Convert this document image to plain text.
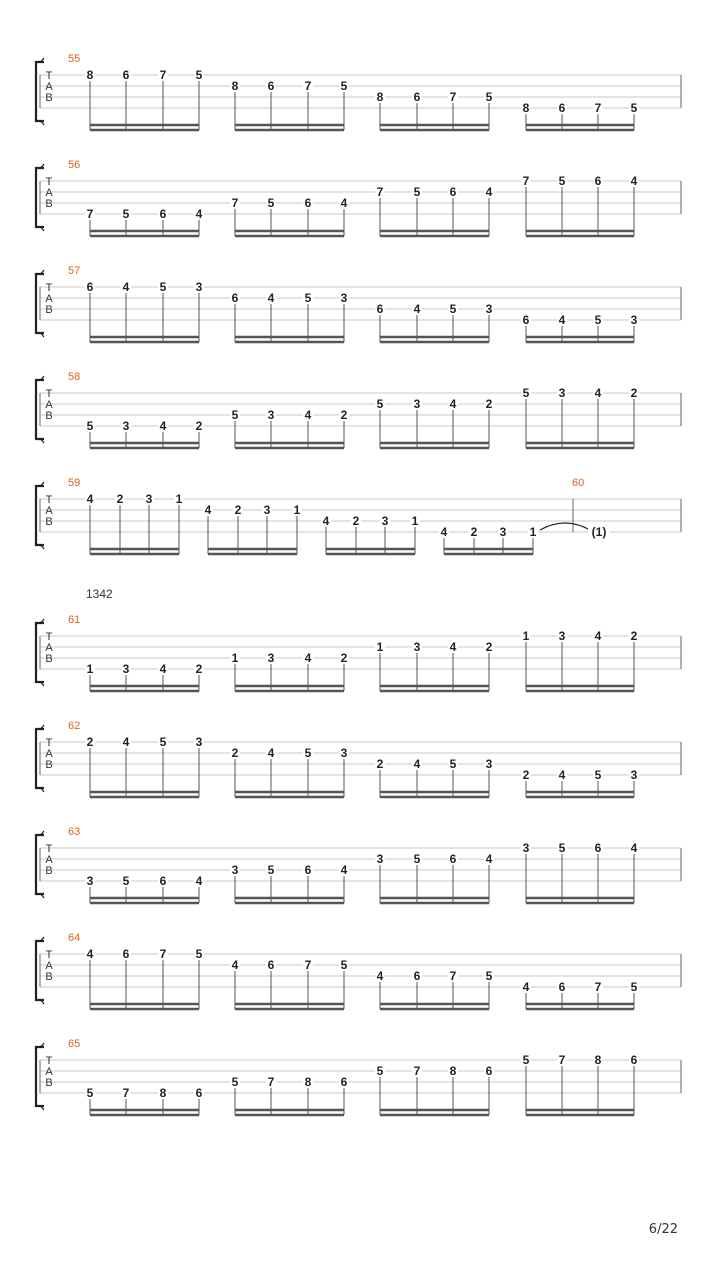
T
A
B
55
8 6	7 5
8 6	7 5
8	6 7 5
8 6 7 5
T
A
B
56
7 5	6 4
7 5	6 4
7	5 6 4
7 5 6 4
T
A
B
57
6 4	5 3
6 4	5 3
6	4 5 3
6 4 5 3
T
A
B
58
5 3	4 2
5 3	4 2
5	3 4 2
5 3 4 2
T
A
B
59
4 2 3 1
4 2 3 1
4 2 3 1
4 2 3 1
60
(1)
T
A
B
61
1 3	4 2
1 3	4 2
1	3 4 2
1 3 4 2
T
A
B
62
2 4	5 3
2 4	5 3
2	4 5 3
2 4 5 3
T
A
B
63
3 5	6 4
3 5	6 4
3	5 6 4
3 5 6 4
T
A
B
64
4 6	7 5
4 6	7 5
4	6 7 5
4 6 7 5
T
A
B
65
5 7	8 6
5 7	8 6
5	7 8 6
5 7 8 6
1342
6/22
